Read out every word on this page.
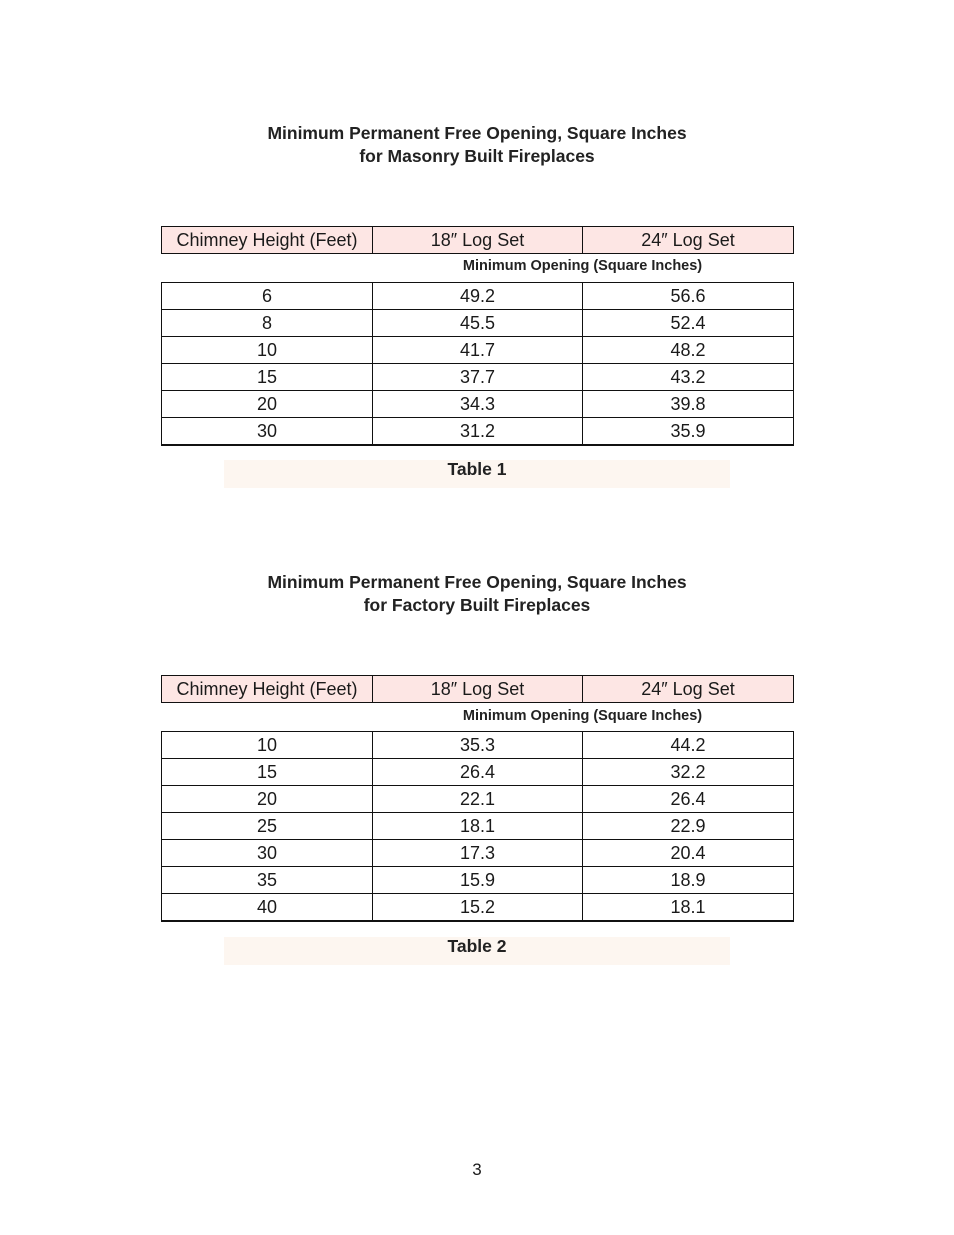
Minimum Permanent Free Opening, Square Inches
for Masonry Built Fireplaces
Chimney Height (Feet)	18″ Log Set	24″ Log Set
Minimum Opening (Square Inches)
6	49.2	56.6
8	45.5	52.4
10	41.7	48.2
15	37.7	43.2
20	34.3	39.8
30	31.2	35.9
Table 1
Minimum Permanent Free Opening, Square Inches
for Factory Built Fireplaces
Chimney Height (Feet)	18″ Log Set	24″ Log Set
Minimum Opening (Square Inches)
10	35.3	44.2
15	26.4	32.2
20	22.1	26.4
25	18.1	22.9
30	17.3	20.4
35	15.9	18.9
40	15.2	18.1
Table 2
3
